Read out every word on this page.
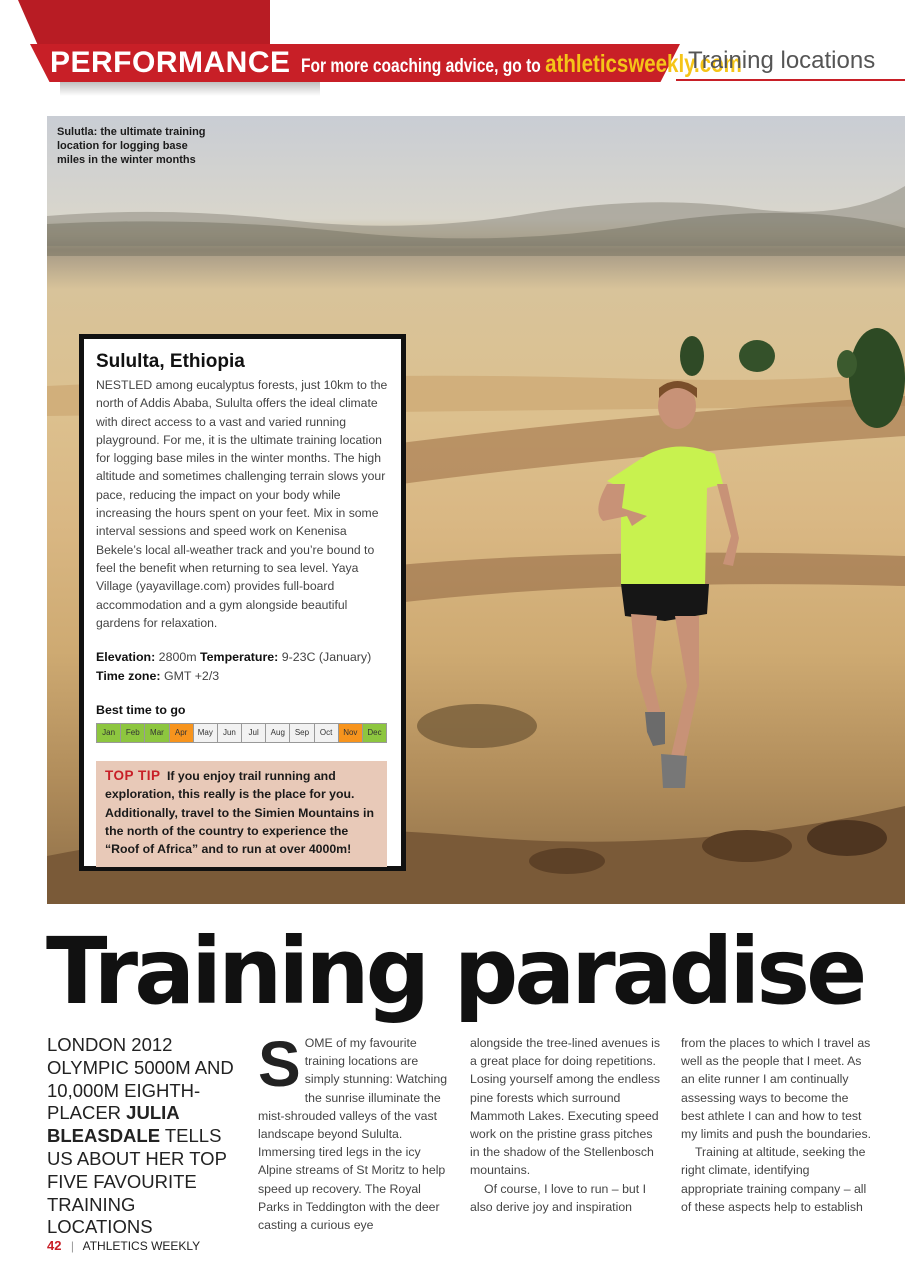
PERFORMANCE For more coaching advice, go to athleticsweekly.com
Training locations
Sulutla: the ultimate training location for logging base miles in the winter months
Sululta, Ethiopia
NESTLED among eucalyptus forests, just 10km to the north of Addis Ababa, Sululta offers the ideal climate with direct access to a vast and varied running playground. For me, it is the ultimate training location for logging base miles in the winter months. The high altitude and sometimes challenging terrain slows your pace, reducing the impact on your body while increasing the hours spent on your feet. Mix in some interval sessions and speed work on Kenenisa Bekele’s local all-weather track and you’re bound to feel the benefit when returning to sea level. Yaya Village (yayavillage.com) provides full-board accommodation and a gym alongside beautiful gardens for relaxation.
Elevation: 2800m Temperature: 9-23C (January)
Time zone: GMT +2/3
Best time to go
Jan	Feb	Mar	Apr	May	Jun	Jul	Aug	Sep	Oct	Nov	Dec
TOP TIP If you enjoy trail running and exploration, this really is the place for you. Additionally, travel to the Simien Mountains in the north of the country to experience the “Roof of Africa” and to run at over 4000m!
Training paradise
LONDON 2012 OLYMPIC 5000M AND 10,000M EIGHTH-PLACER JULIA BLEASDALE TELLS US ABOUT HER TOP FIVE FAVOURITE TRAINING LOCATIONS
SOME of my favourite training locations are simply stunning: Watching the sunrise illuminate the mist-shrouded valleys of the vast landscape beyond Sululta. Immersing tired legs in the icy Alpine streams of St Moritz to help speed up recovery. The Royal Parks in Teddington with the deer casting a curious eye

alongside the tree-lined avenues is a great place for doing repetitions. Losing yourself among the endless pine forests which surround Mammoth Lakes. Executing speed work on the pristine grass pitches in the shadow of the Stellenbosch mountains.

Of course, I love to run – but I also derive joy and inspiration

from the places to which I travel as well as the people that I meet. As an elite runner I am continually assessing ways to become the best athlete I can and how to test my limits and push the boundaries.

Training at altitude, seeking the right climate, identifying appropriate training company – all of these aspects help to establish

42 | ATHLETICS WEEKLY
